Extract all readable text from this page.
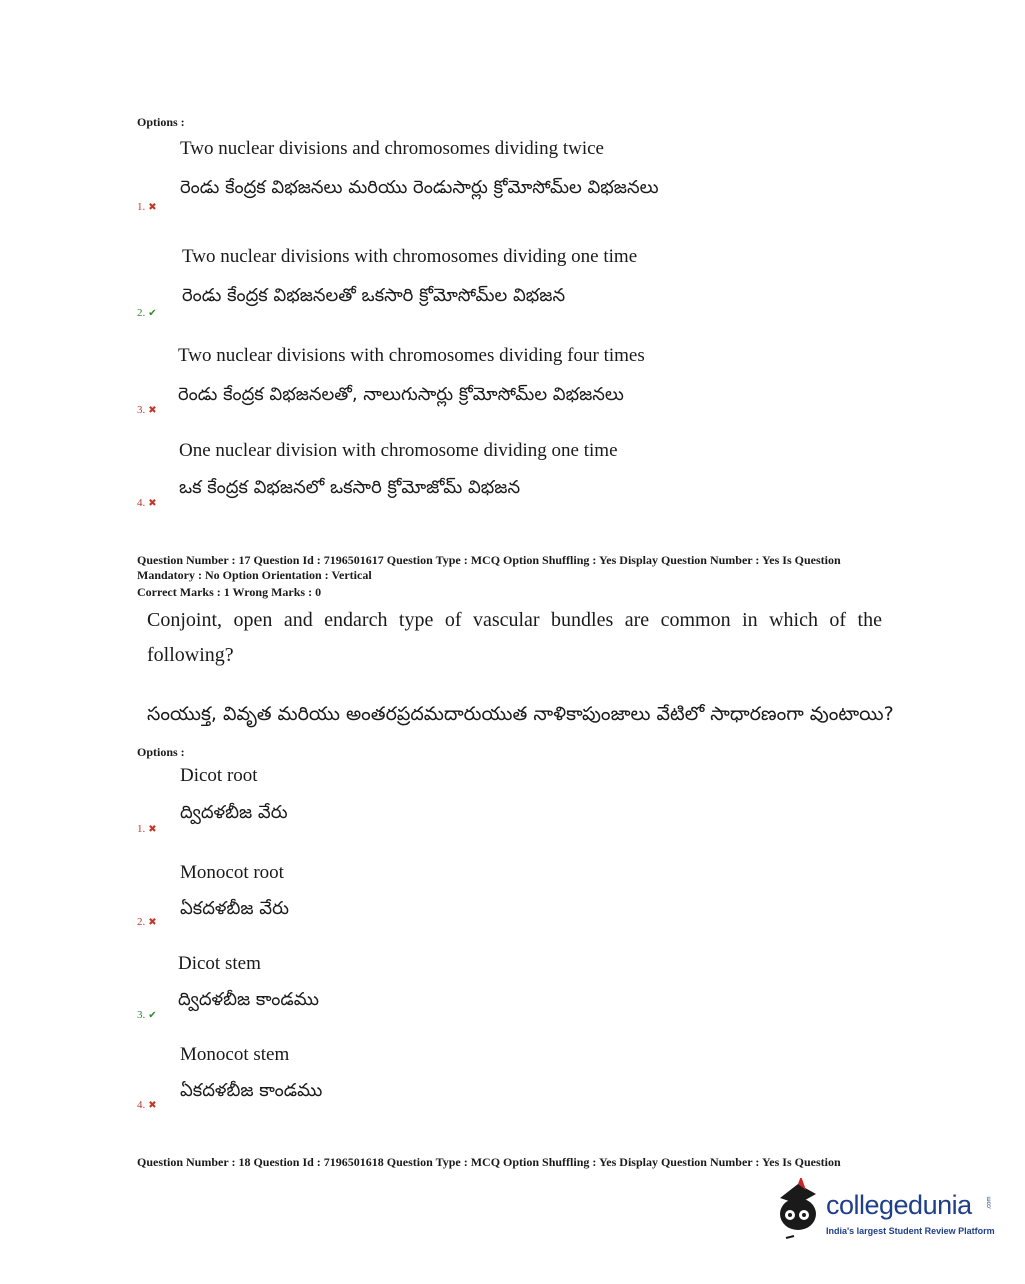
Options :
Two nuclear divisions and chromosomes dividing twice
రెండు కేంద్రక విభజనలు మరియు రెండుసార్లు క్రోమోసోమ్‌ల విభజనలు
1. ✖
Two nuclear divisions with chromosomes dividing one time
రెండు కేంద్రక విభజనలతో ఒకసారి క్రోమోసోమ్‌ల విభజన
2. ✔
Two nuclear divisions with chromosomes dividing four times
రెండు కేంద్రక విభజనలతో, నాలుగుసార్లు క్రోమోసోమ్‌ల విభజనలు
3. ✖
One nuclear division with chromosome dividing one time
ఒక కేంద్రక విభజనలో ఒకసారి క్రోమోజోమ్ విభజన
4. ✖
Question Number : 17 Question Id : 7196501617 Question Type : MCQ Option Shuffling : Yes Display Question Number : Yes Is Question
Mandatory : No Option Orientation : Vertical
Correct Marks : 1 Wrong Marks : 0
Conjoint, open and endarch type of vascular bundles are common in which of the following?
సంయుక్త, వివృత మరియు అంతరప్రదమదారుయుత నాళికాపుంజాలు వేటిలో సాధారణంగా వుంటాయి?
Options :
Dicot root
ద్విదళబీజ వేరు
1. ✖
Monocot root
ఏకదళబీజ వేరు
2. ✖
Dicot stem
ద్విదళబీజ కాండము
3. ✔
Monocot stem
ఏకదళబీజ కాండము
4. ✖
Question Number : 18 Question Id : 7196501618 Question Type : MCQ Option Shuffling : Yes Display Question Number : Yes Is Question
collegedunia .com
India's largest Student Review Platform
